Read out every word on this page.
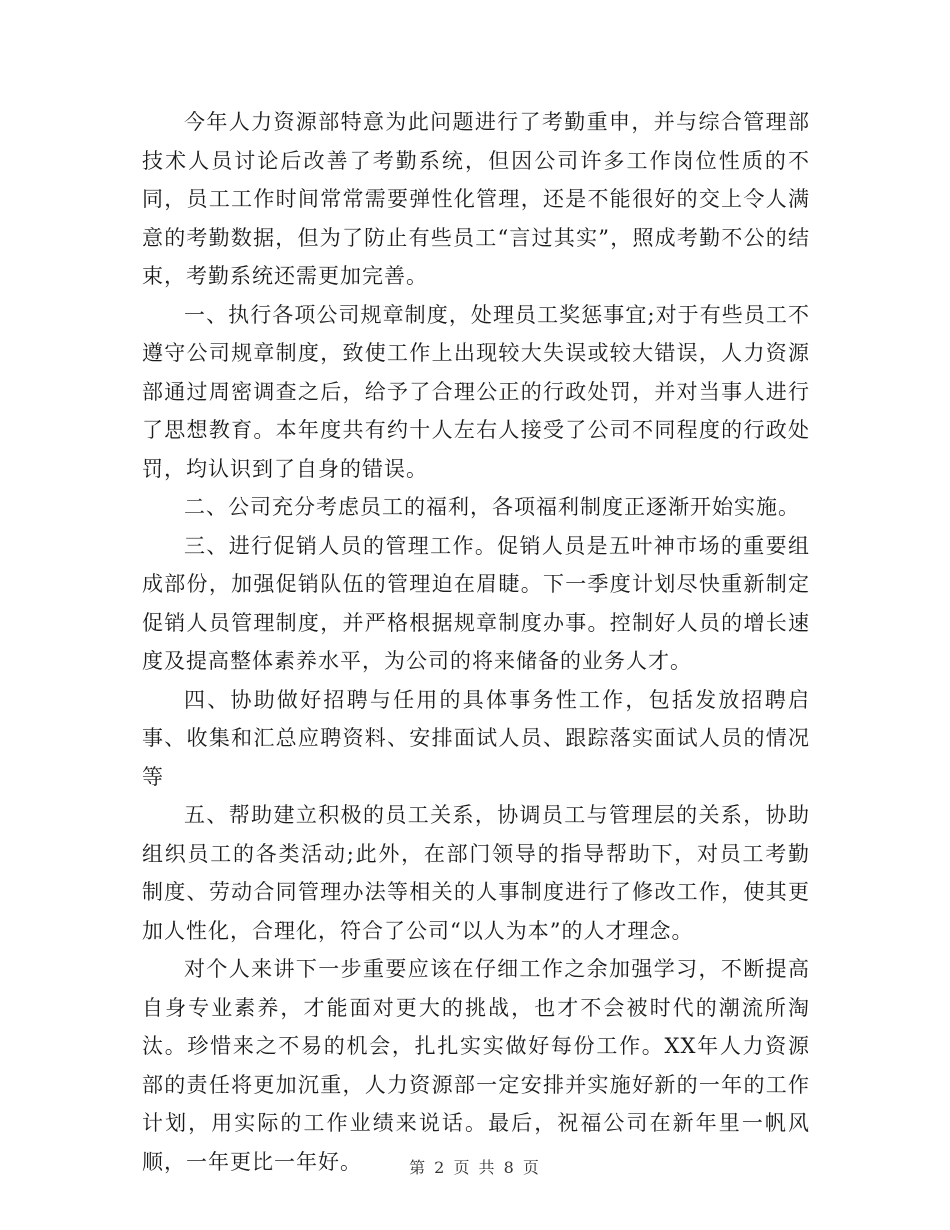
今年人力资源部特意为此问题进行了考勤重申，并与综合管理部技术人员讨论后改善了考勤系统，但因公司许多工作岗位性质的不同，员工工作时间常常需要弹性化管理，还是不能很好的交上令人满意的考勤数据，但为了防止有些员工“言过其实”，照成考勤不公的结束，考勤系统还需更加完善。

一、执行各项公司规章制度，处理员工奖惩事宜;对于有些员工不遵守公司规章制度，致使工作上出现较大失误或较大错误，人力资源部通过周密调查之后，给予了合理公正的行政处罚，并对当事人进行了思想教育。本年度共有约十人左右人接受了公司不同程度的行政处罚，均认识到了自身的错误。

二、公司充分考虑员工的福利，各项福利制度正逐渐开始实施。

三、进行促销人员的管理工作。促销人员是五叶神市场的重要组成部份，加强促销队伍的管理迫在眉睫。下一季度计划尽快重新制定促销人员管理制度，并严格根据规章制度办事。控制好人员的增长速度及提高整体素养水平，为公司的将来储备的业务人才。

四、协助做好招聘与任用的具体事务性工作，包括发放招聘启事、收集和汇总应聘资料、安排面试人员、跟踪落实面试人员的情况等

五、帮助建立积极的员工关系，协调员工与管理层的关系，协助组织员工的各类活动;此外，在部门领导的指导帮助下，对员工考勤制度、劳动合同管理办法等相关的人事制度进行了修改工作，使其更加人性化，合理化，符合了公司“以人为本”的人才理念。

对个人来讲下一步重要应该在仔细工作之余加强学习，不断提高自身专业素养，才能面对更大的挑战，也才不会被时代的潮流所淘汰。珍惜来之不易的机会，扎扎实实做好每份工作。XX年人力资源部的责任将更加沉重，人力资源部一定安排并实施好新的一年的工作计划，用实际的工作业绩来说话。最后，祝福公司在新年里一帆风顺，一年更比一年好。	第 2 页 共 8 页
